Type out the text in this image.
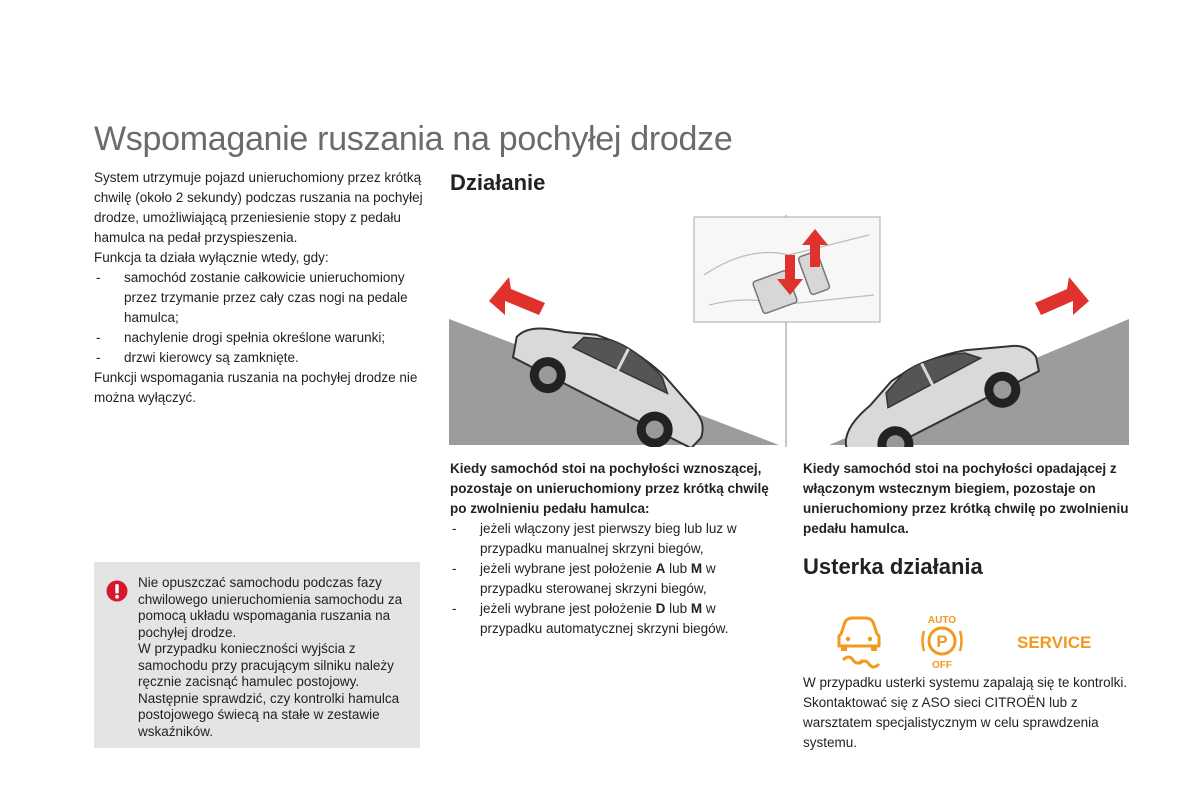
Wspomaganie ruszania na pochyłej drodze

System utrzymuje pojazd unieruchomiony przez krótką chwilę (około 2 sekundy) podczas ruszania na pochyłej drodze, umożliwiającą przeniesienie stopy z pedału hamulca na pedał przyspieszenia.

Funkcja ta działa wyłącznie wtedy, gdy:

- samochód zostanie całkowicie unieruchomiony przez trzymanie przez cały czas nogi na pedale hamulca;
- nachylenie drogi spełnia określone warunki;
- drzwi kierowcy są zamknięte.

Funkcji wspomagania ruszania na pochyłej drodze nie można wyłączyć.

Nie opuszczać samochodu podczas fazy chwilowego unieruchomienia samochodu za pomocą układu wspomagania ruszania na pochyłej drodze.
W przypadku konieczności wyjścia z samochodu przy pracującym silniku należy ręcznie zacisnąć hamulec postojowy. Następnie sprawdzić, czy kontrolki hamulca postojowego świecą na stałe w zestawie wskaźników.
Działanie
Kiedy samochód stoi na pochyłości wznoszącej, pozostaje on unieruchomiony przez krótką chwilę po zwolnieniu pedału hamulca:
- jeżeli włączony jest pierwszy bieg lub luz w przypadku manualnej skrzyni biegów,
- jeżeli wybrane jest położenie A lub M w przypadku sterowanej skrzyni biegów,
- jeżeli wybrane jest położenie D lub M w przypadku automatycznej skrzyni biegów.
Kiedy samochód stoi na pochyłości opadającej z włączonym wstecznym biegiem, pozostaje on unieruchomiony przez krótką chwilę po zwolnieniu pedału hamulca.
Usterka działania
P
AUTO
OFF
SERVICE
W przypadku usterki systemu zapalają się te kontrolki. Skontaktować się z ASO sieci CITROËN lub z warsztatem specjalistycznym w celu sprawdzenia systemu.
